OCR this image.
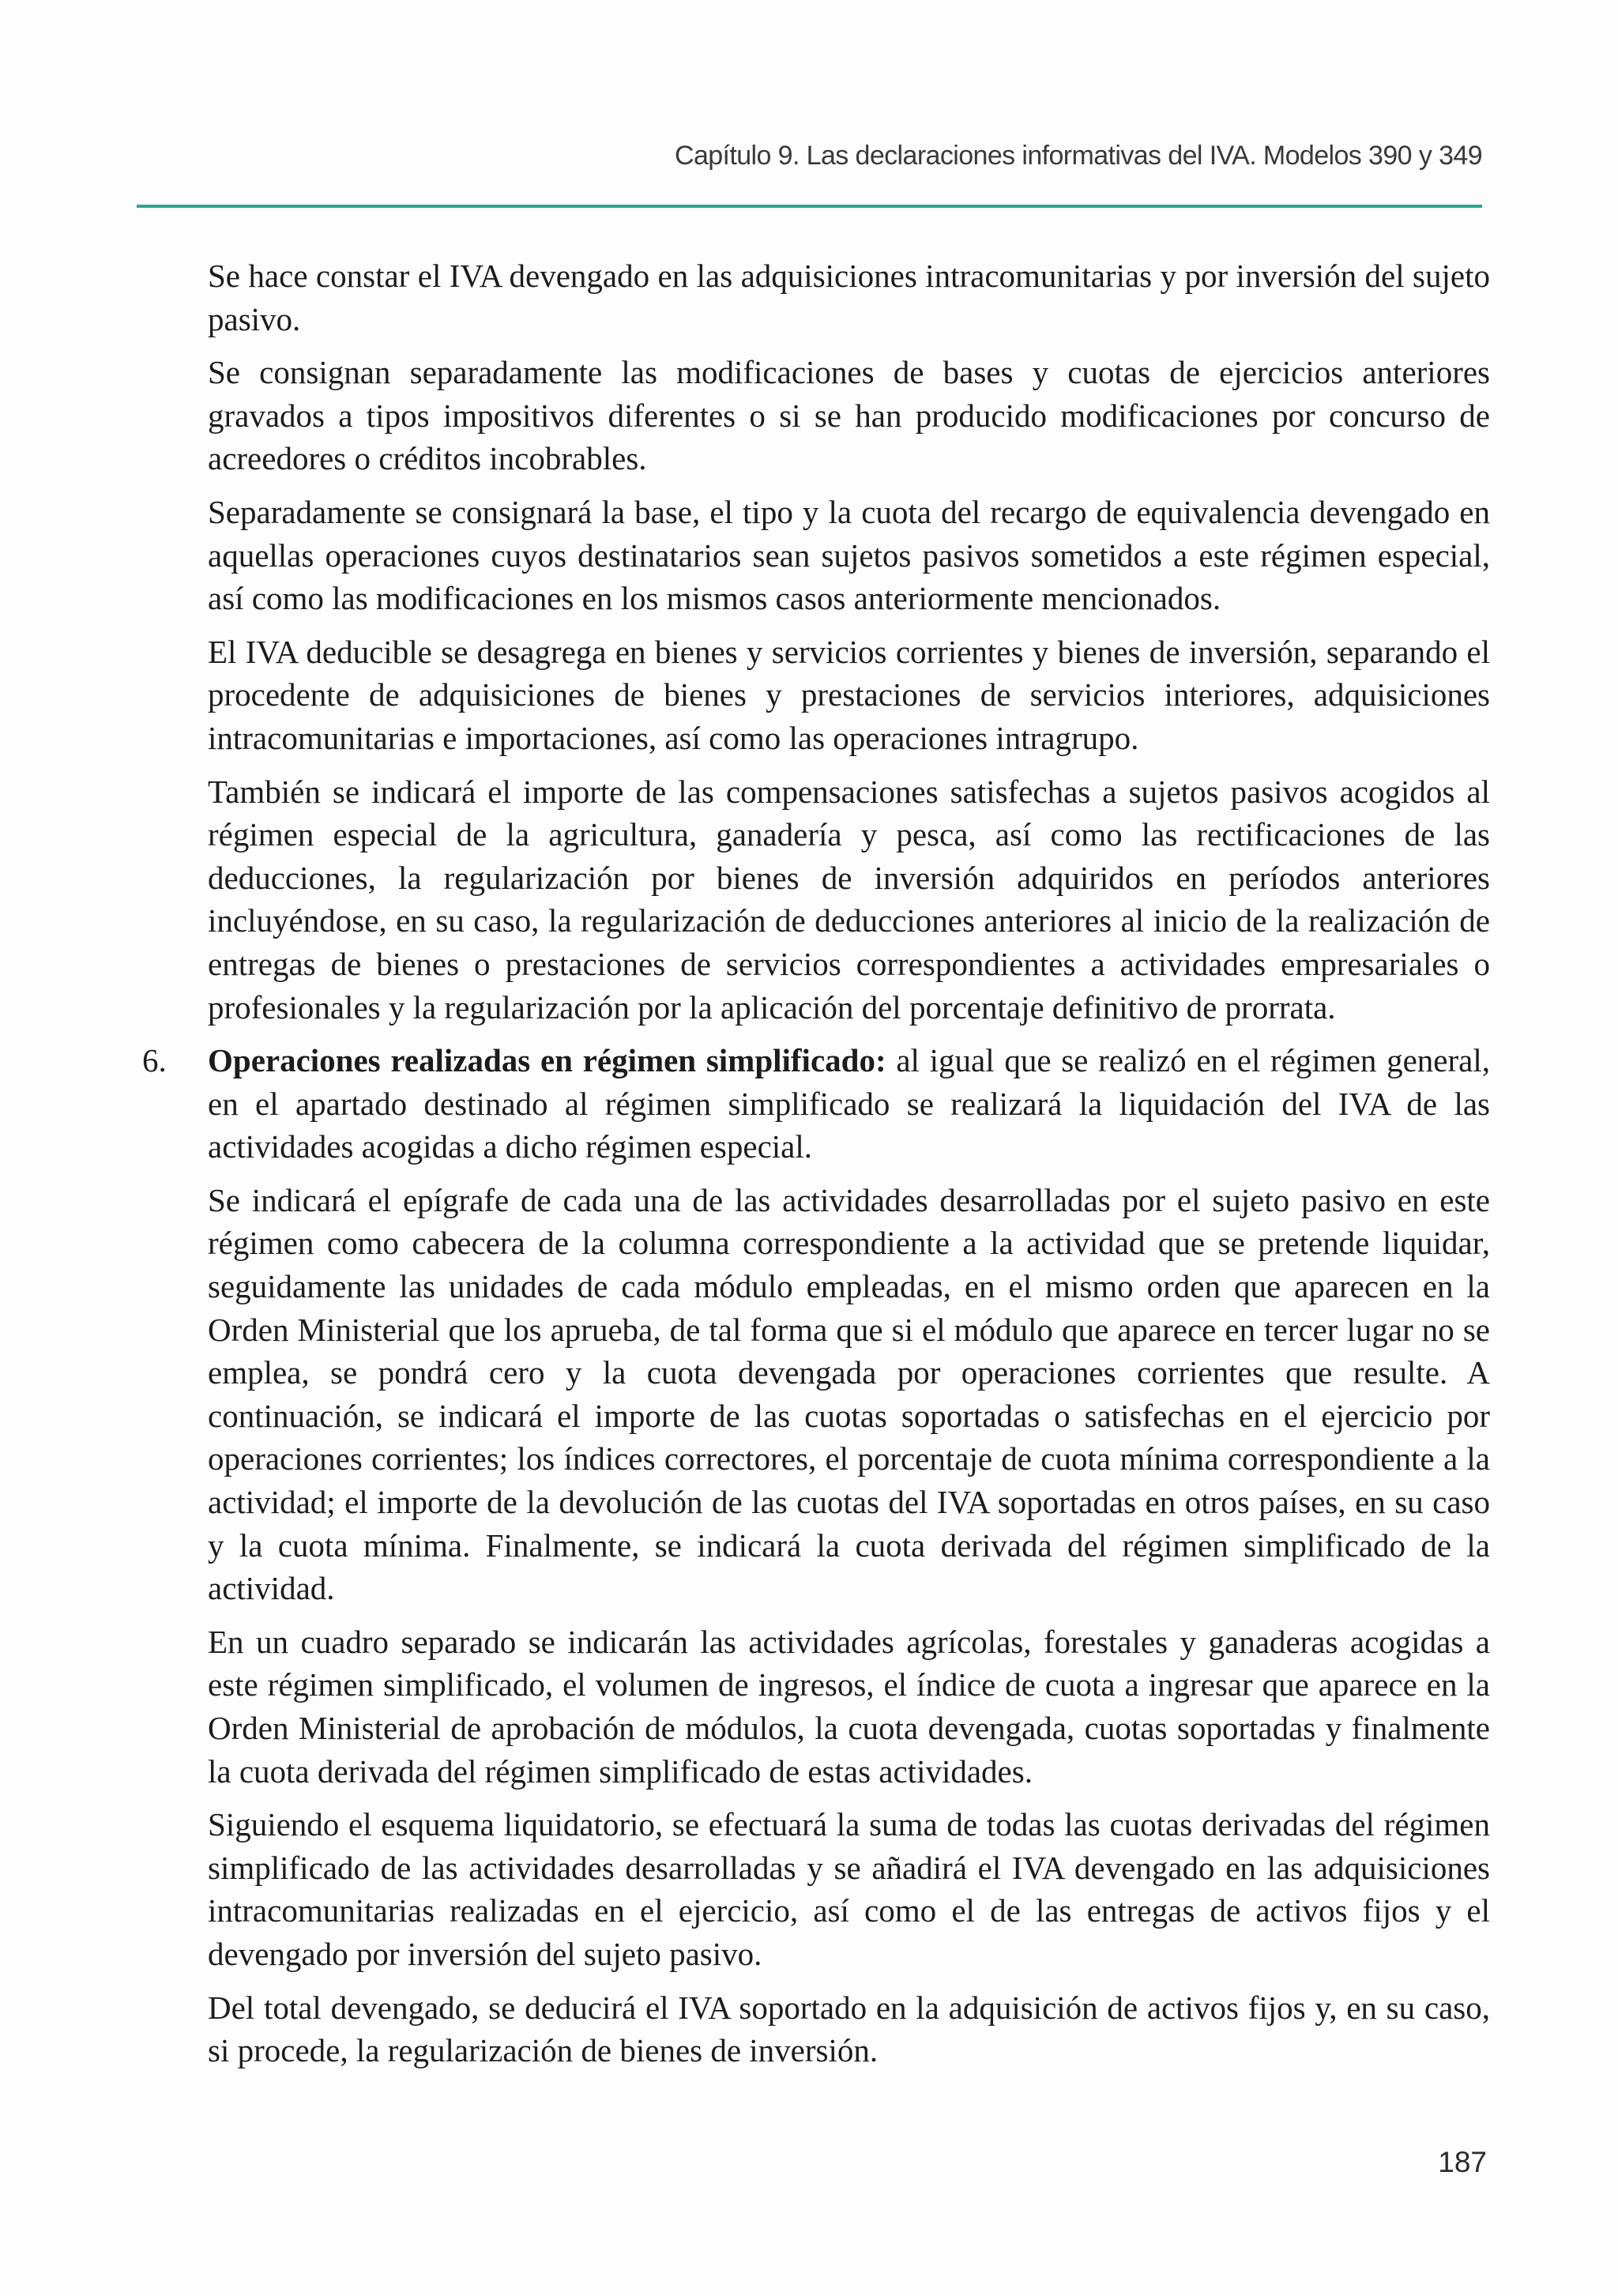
Capítulo 9. Las declaraciones informativas del IVA. Modelos 390 y 349

Se hace constar el IVA devengado en las adquisiciones intracomunitarias y por inversión del sujeto pasivo.

Se consignan separadamente las modificaciones de bases y cuotas de ejercicios anteriores gravados a tipos impositivos diferentes o si se han producido modificaciones por concurso de acreedores o créditos incobrables.

Separadamente se consignará la base, el tipo y la cuota del recargo de equivalencia devengado en aquellas operaciones cuyos destinatarios sean sujetos pasivos sometidos a este régimen especial, así como las modificaciones en los mismos casos anteriormente mencionados.

El IVA deducible se desagrega en bienes y servicios corrientes y bienes de inversión, separando el procedente de adquisiciones de bienes y prestaciones de servicios interiores, adquisiciones intracomunitarias e importaciones, así como las operaciones intragrupo.

También se indicará el importe de las compensaciones satisfechas a sujetos pasivos acogidos al régimen especial de la agricultura, ganadería y pesca, así como las rectificaciones de las deducciones, la regularización por bienes de inversión adquiridos en períodos anteriores incluyéndose, en su caso, la regularización de deducciones anteriores al inicio de la realización de entregas de bienes o prestaciones de servicios correspondientes a actividades empresariales o profesionales y la regularización por la aplicación del porcentaje definitivo de prorrata.

6. Operaciones realizadas en régimen simplificado: al igual que se realizó en el régimen general, en el apartado destinado al régimen simplificado se realizará la liquidación del IVA de las actividades acogidas a dicho régimen especial.

Se indicará el epígrafe de cada una de las actividades desarrolladas por el sujeto pasivo en este régimen como cabecera de la columna correspondiente a la actividad que se pretende liquidar, seguidamente las unidades de cada módulo empleadas, en el mismo orden que aparecen en la Orden Ministerial que los aprueba, de tal forma que si el módulo que aparece en tercer lugar no se emplea, se pondrá cero y la cuota devengada por operaciones corrientes que resulte. A continuación, se indicará el importe de las cuotas soportadas o satisfechas en el ejercicio por operaciones corrientes; los índices correctores, el porcentaje de cuota mínima correspondiente a la actividad; el importe de la devolución de las cuotas del IVA soportadas en otros países, en su caso y la cuota mínima. Finalmente, se indicará la cuota derivada del régimen simplificado de la actividad.

En un cuadro separado se indicarán las actividades agrícolas, forestales y ganaderas acogidas a este régimen simplificado, el volumen de ingresos, el índice de cuota a ingresar que aparece en la Orden Ministerial de aprobación de módulos, la cuota devengada, cuotas soportadas y finalmente la cuota derivada del régimen simplificado de estas actividades.

Siguiendo el esquema liquidatorio, se efectuará la suma de todas las cuotas derivadas del régimen simplificado de las actividades desarrolladas y se añadirá el IVA devengado en las adquisiciones intracomunitarias realizadas en el ejercicio, así como el de las entregas de activos fijos y el devengado por inversión del sujeto pasivo.

Del total devengado, se deducirá el IVA soportado en la adquisición de activos fijos y, en su caso, si procede, la regularización de bienes de inversión.

187
